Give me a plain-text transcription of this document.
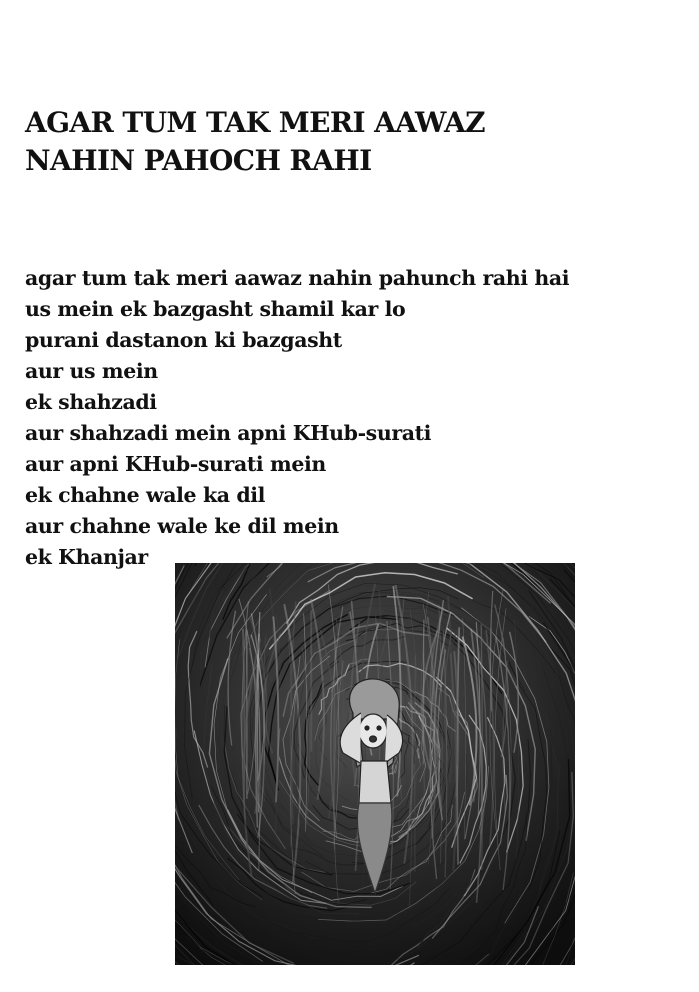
AGAR TUM TAK MERI AAWAZ
NAHIN PAHOCH RAHI
agar tum tak meri aawaz nahin pahunch rahi hai
us mein ek bazgasht shamil kar lo
purani dastanon ki bazgasht
aur us mein
ek shahzadi
aur shahzadi mein apni KHub-surati
aur apni KHub-surati mein
ek chahne wale ka dil
aur chahne wale ke dil mein
ek Khanjar
